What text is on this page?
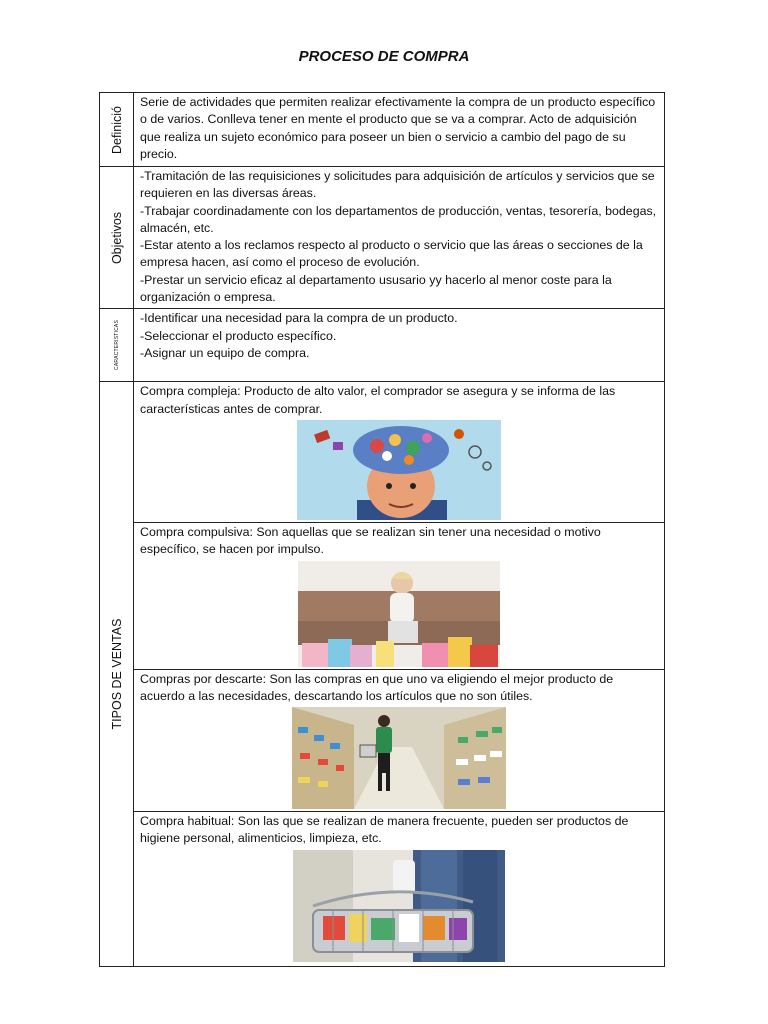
PROCESO DE COMPRA
Definició	Serie de actividades que permiten realizar efectivamente la compra de un producto específico o de varios. Conlleva tener en mente el producto que se va a comprar. Acto de adquisición que realiza un sujeto económico para poseer un bien o servicio a cambio del pago de su precio.

Objetivos	-Tramitación de las requisiciones y solicitudes para adquisición de artículos y servicios que se requieren en las diversas áreas.

-Trabajar coordinadamente con los departamentos de producción, ventas, tesorería, bodegas, almacén, etc.

-Estar atento a los reclamos respecto al producto o servicio que las áreas o secciones de la empresa hacen, así como el proceso de evolución.

-Prestar un servicio eficaz al departamento ususario yy hacerlo al menor coste para la organización o empresa.

CARACTERISTICAS	-Identificar una necesidad para la compra de un producto.

-Seleccionar el producto específico.

-Asignar un equipo de compra.

TIPOS DE VENTAS	Compra compleja: Producto de alto valor, el comprador se asegura y se informa de las características antes de comprar.

	Compra compulsiva: Son aquellas que se realizan sin tener una necesidad o motivo específico, se hacen por impulso.

	Compras por descarte: Son las compras en que uno va eligiendo el mejor producto de acuerdo a las necesidades, descartando los artículos que no son útiles.

	Compra habitual: Son las que se realizan de manera frecuente, pueden ser productos de higiene personal, alimenticios, limpieza, etc.
